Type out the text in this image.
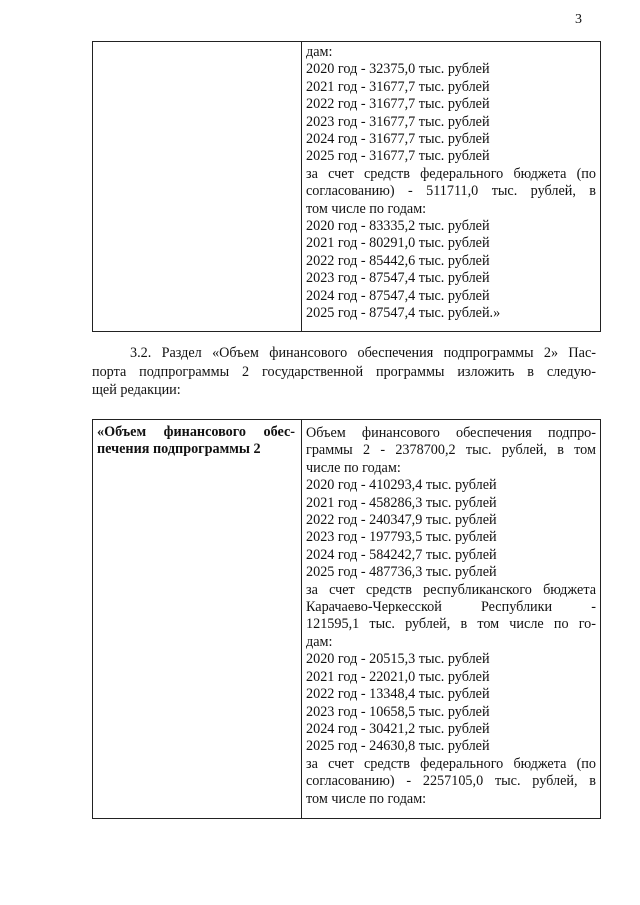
3

дам:
2020 год - 32375,0 тыс. рублей
2021 год - 31677,7 тыс. рублей
2022 год - 31677,7 тыс. рублей
2023 год - 31677,7 тыс. рублей
2024 год - 31677,7 тыс. рублей
2025 год - 31677,7 тыс. рублей
за счет средств федерального бюджета (по
согласованию) - 511711,0 тыс. рублей, в
том числе по годам:
2020 год - 83335,2 тыс. рублей
2021 год - 80291,0 тыс. рублей
2022 год - 85442,6 тыс. рублей
2023 год - 87547,4 тыс. рублей
2024 год - 87547,4 тыс. рублей
2025 год - 87547,4 тыс. рублей.»
3.2. Раздел «Объем финансового обеспечения подпрограммы 2» Пас-
порта подпрограммы 2 государственной программы изложить в следую-
щей редакции:
«Объем финансового обес-
печения подпрограммы 2

Объем финансового обеспечения подпро-
граммы 2 - 2378700,2 тыс. рублей, в том
числе по годам:
2020 год - 410293,4 тыс. рублей
2021 год - 458286,3 тыс. рублей
2022 год - 240347,9 тыс. рублей
2023 год - 197793,5 тыс. рублей
2024 год - 584242,7 тыс. рублей
2025 год - 487736,3 тыс. рублей
за счет средств республиканского бюджета
Карачаево-Черкесской Республики -
121595,1 тыс. рублей, в том числе по го-
дам:
2020 год - 20515,3 тыс. рублей
2021 год - 22021,0 тыс. рублей
2022 год - 13348,4 тыс. рублей
2023 год - 10658,5 тыс. рублей
2024 год - 30421,2 тыс. рублей
2025 год - 24630,8 тыс. рублей
за счет средств федерального бюджета (по
согласованию) - 2257105,0 тыс. рублей, в
том числе по годам:
